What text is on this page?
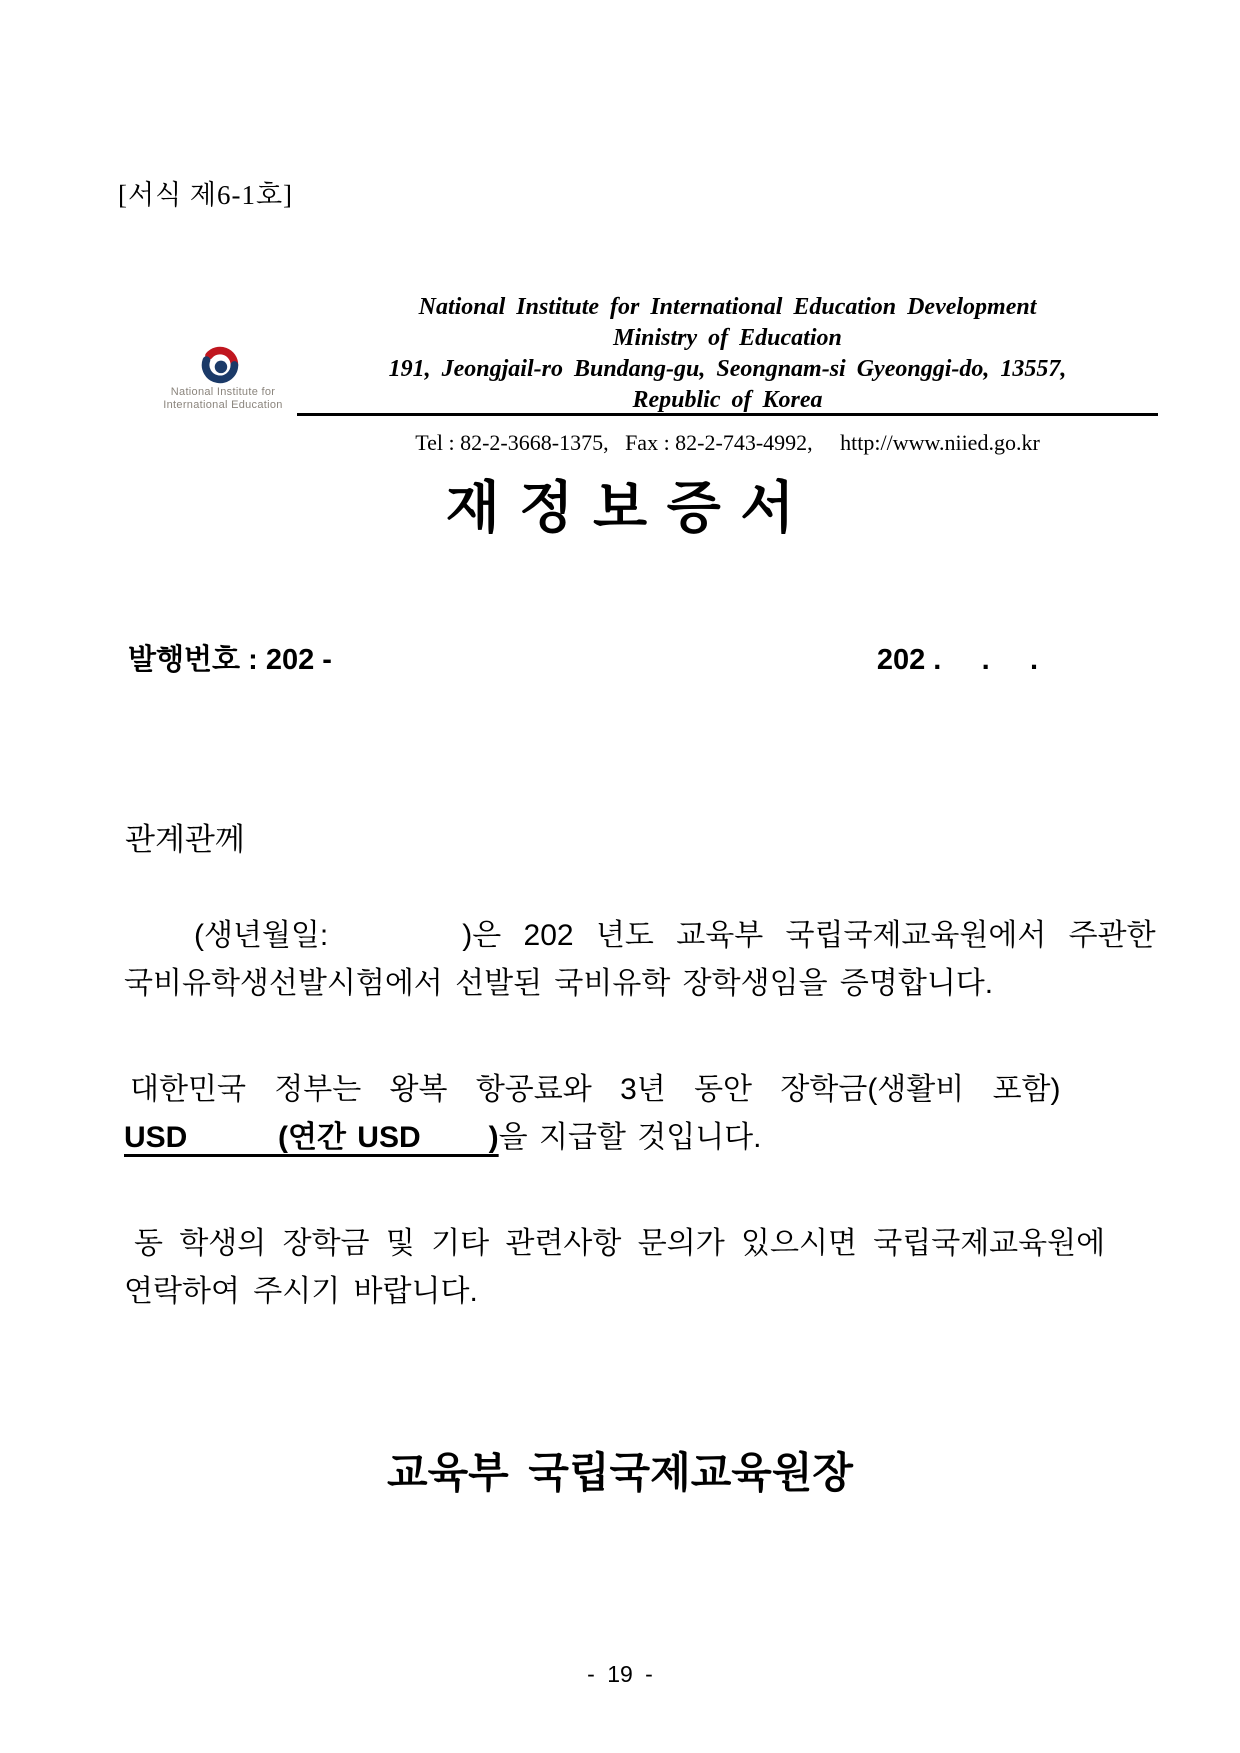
[서식 제6-1호]
National Institute for
International Education
National Institute for International Education Development
Ministry of Education
191, Jeongjail-ro Bundang-gu, Seongnam-si Gyeonggi-do, 13557,
Republic of Korea
Tel : 82-2-3668-1375,   Fax : 82-2-743-4992,     http://www.niied.go.kr
재 정 보 증 서
발행번호 : 202 -	202 .     .     .
관계관께
(생년월일:      )은 202 년도 교육부 국립국제교육원에서 주관한
국비유학생선발시험에서 선발된 국비유학 장학생임을 증명합니다.
대한민국 정부는 왕복 항공료와 3년 동안 장학금(생활비 포함)
USD        (연간 USD      )을 지급할 것입니다.
동 학생의 장학금 및 기타 관련사항 문의가 있으시면 국립국제교육원에
연락하여 주시기 바랍니다.
교육부 국립국제교육원장
- 19 -
